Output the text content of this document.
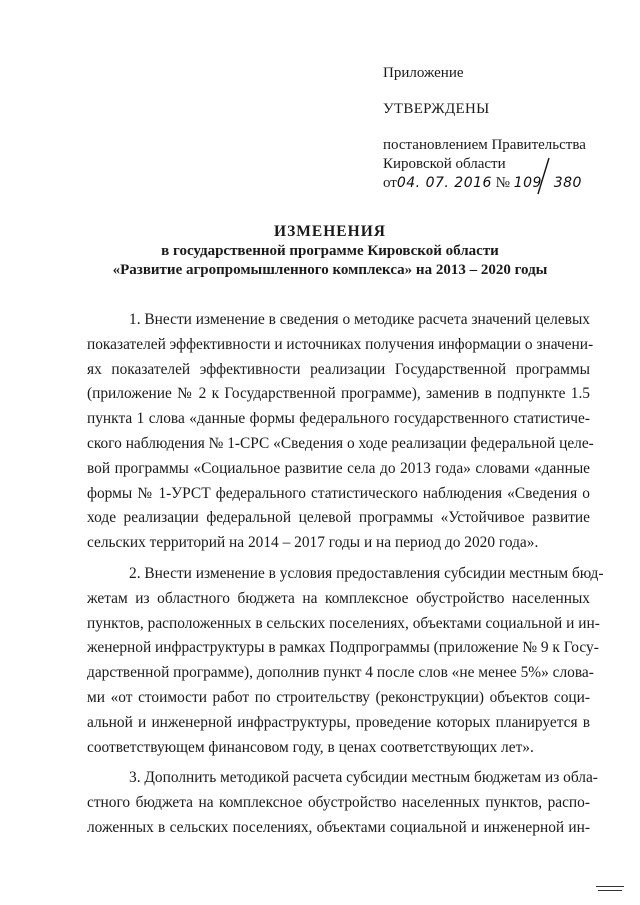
Приложение
УТВЕРЖДЕНЫ
постановлением Правительства
Кировской области
от04. 07. 2016 № 109 380
ИЗМЕНЕНИЯ
в государственной программе Кировской области
«Развитие агропромышленного комплекса» на 2013 – 2020 годы
1. Внести изменение в сведения о методике расчета значений целевых
показателей эффективности и источниках получения информации о значени-
ях показателей эффективности реализации Государственной программы
(приложение № 2 к Государственной программе), заменив в подпункте 1.5
пункта 1 слова «данные формы федерального государственного статистиче-
ского наблюдения № 1-СРС «Сведения о ходе реализации федеральной целе-
вой программы «Социальное развитие села до 2013 года» словами «данные
формы № 1-УРСТ федерального статистического наблюдения «Сведения о
ходе реализации федеральной целевой программы «Устойчивое развитие
сельских территорий на 2014 – 2017 годы и на период до 2020 года».
2. Внести изменение в условия предоставления субсидии местным бюд-
жетам из областного бюджета на комплексное обустройство населенных
пунктов, расположенных в сельских поселениях, объектами социальной и ин-
женерной инфраструктуры в рамках Подпрограммы (приложение № 9 к Госу-
дарственной программе), дополнив пункт 4 после слов «не менее 5%» слова-
ми «от стоимости работ по строительству (реконструкции) объектов соци-
альной и инженерной инфраструктуры, проведение которых планируется в
соответствующем финансовом году, в ценах соответствующих лет».
3. Дополнить методикой расчета субсидии местным бюджетам из обла-
стного бюджета на комплексное обустройство населенных пунктов, распо-
ложенных в сельских поселениях, объектами социальной и инженерной ин-
